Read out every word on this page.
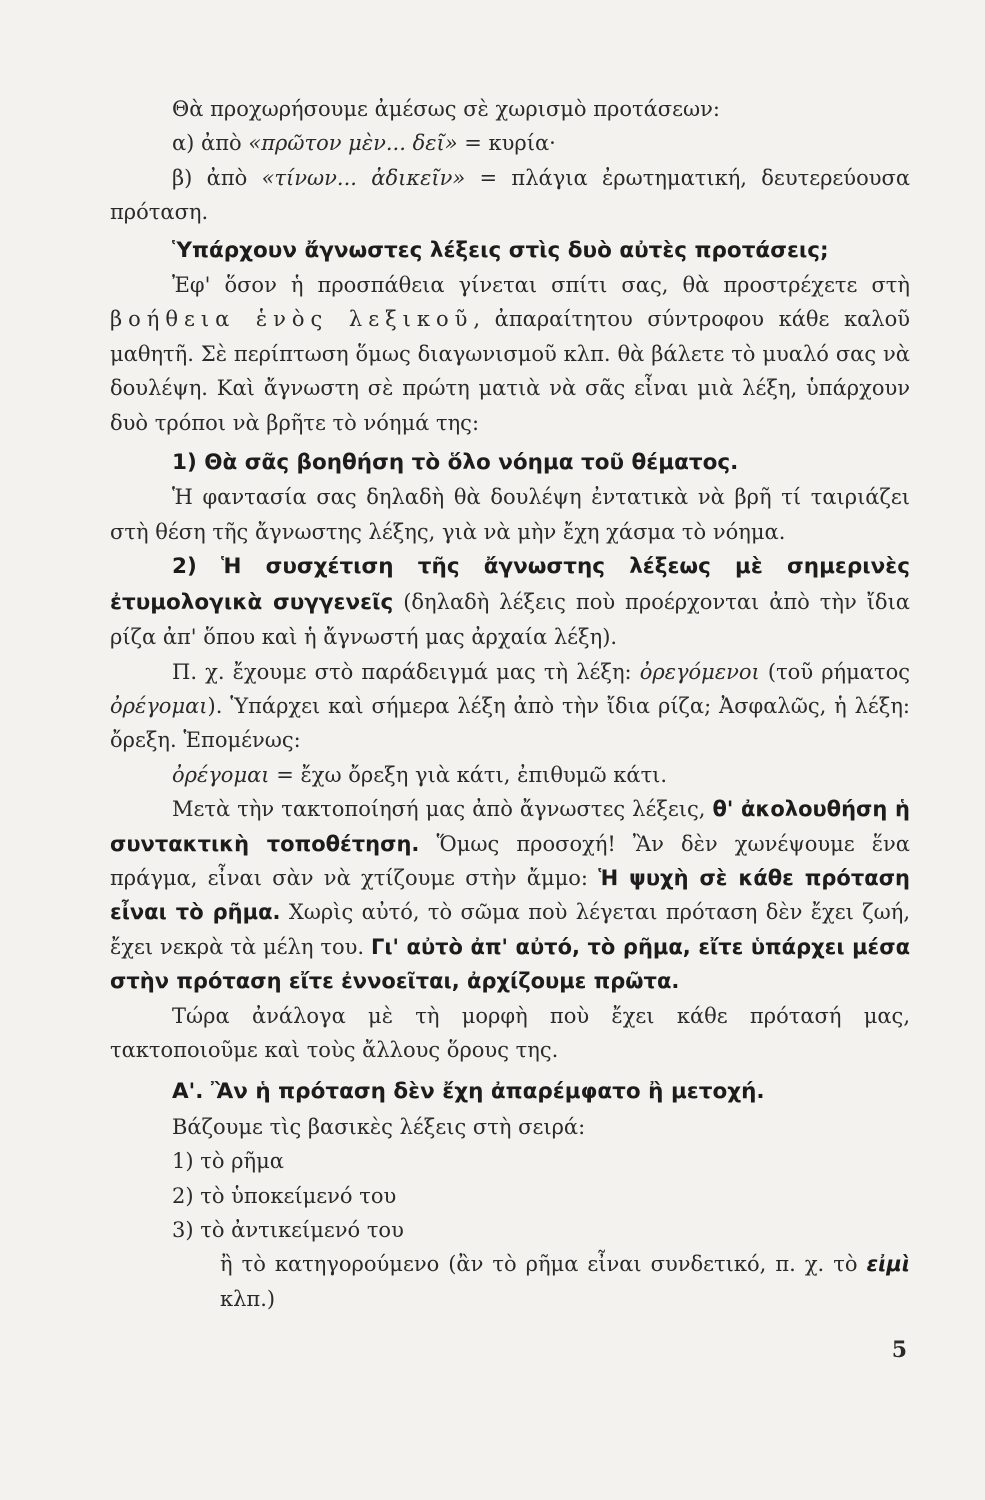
Θὰ προχωρήσουμε ἀμέσως σὲ χωρισμὸ προτάσεων:

α) ἀπὸ «πρῶτον μὲν... δεῖ» = κυρία·

β) ἀπὸ «τίνων... ἀδικεῖν» = πλάγια ἐρωτηματική, δευτερεύουσα πρόταση.

Ὑπάρχουν ἄγνωστες λέξεις στὶς δυὸ αὐτὲς προτάσεις;

Ἐφ' ὅσον ἡ προσπάθεια γίνεται σπίτι σας, θὰ προστρέχετε στὴ βοήθεια ἑνὸς λεξικοῦ, ἀπαραίτητου σύντροφου κάθε καλοῦ μαθητῆ. Σὲ περίπτωση ὅμως διαγωνισμοῦ κλπ. θὰ βάλετε τὸ μυαλό σας νὰ δουλέψη. Καὶ ἄγνωστη σὲ πρώτη ματιὰ νὰ σᾶς εἶναι μιὰ λέξη, ὑπάρχουν δυὸ τρόποι νὰ βρῆτε τὸ νόημά της:

1) Θὰ σᾶς βοηθήση τὸ ὅλο νόημα τοῦ θέματος.

Ἡ φαντασία σας δηλαδὴ θὰ δουλέψη ἐντατικὰ νὰ βρῆ τί ταιριάζει στὴ θέση τῆς ἄγνωστης λέξης, γιὰ νὰ μὴν ἔχη χάσμα τὸ νόημα.

2) Ἡ συσχέτιση τῆς ἄγνωστης λέξεως μὲ σημερινὲς ἐτυμολογικὰ συγγενεῖς (δηλαδὴ λέξεις ποὺ προέρχονται ἀπὸ τὴν ἴδια ρίζα ἀπ' ὅπου καὶ ἡ ἄγνωστή μας ἀρχαία λέξη).

Π. χ. ἔχουμε στὸ παράδειγμά μας τὴ λέξη: ὀρεγόμενοι (τοῦ ρήματος ὀρέγομαι). Ὑπάρχει καὶ σήμερα λέξη ἀπὸ τὴν ἴδια ρίζα; Ἀσφαλῶς, ἡ λέξη: ὄρεξη. Ἑπομένως:

ὀρέγομαι = ἔχω ὄρεξη γιὰ κάτι, ἐπιθυμῶ κάτι.

Μετὰ τὴν τακτοποίησή μας ἀπὸ ἄγνωστες λέξεις, θ' ἀκολουθήση ἡ συντακτικὴ τοποθέτηση. Ὅμως προσοχή! Ἂν δὲν χωνέψουμε ἕνα πράγμα, εἶναι σὰν νὰ χτίζουμε στὴν ἄμμο: Ἡ ψυχὴ σὲ κάθε πρόταση εἶναι τὸ ρῆμα. Χωρὶς αὐτό, τὸ σῶμα ποὺ λέγεται πρόταση δὲν ἔχει ζωή, ἔχει νεκρὰ τὰ μέλη του. Γι' αὐτὸ ἀπ' αὐτό, τὸ ρῆμα, εἴτε ὑπάρχει μέσα στὴν πρόταση εἴτε ἐννοεῖται, ἀρχίζουμε πρῶτα.

Τώρα ἀνάλογα μὲ τὴ μορφὴ ποὺ ἔχει κάθε πρότασή μας, τακτοποιοῦμε καὶ τοὺς ἄλλους ὅρους της.

Α'. Ἂν ἡ πρόταση δὲν ἔχη ἀπαρέμφατο ἢ μετοχή.

Βάζουμε τὶς βασικὲς λέξεις στὴ σειρά:

1) τὸ ρῆμα

2) τὸ ὑποκείμενό του

3) τὸ ἀντικείμενό του

ἢ τὸ κατηγορούμενο (ἂν τὸ ρῆμα εἶναι συνδετικό, π. χ. τὸ εἰμὶ κλπ.)

5
